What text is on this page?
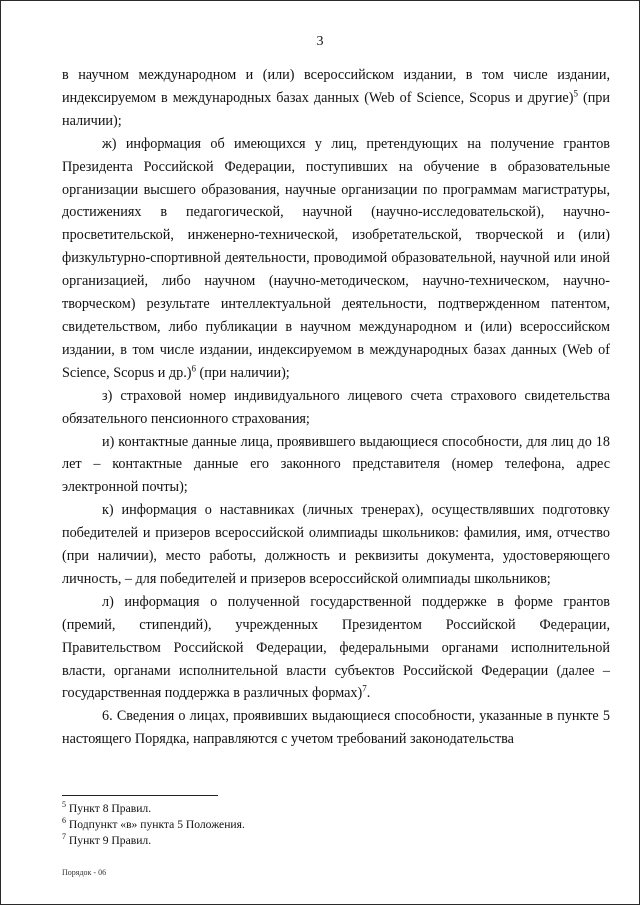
3

в научном международном и (или) всероссийском издании, в том числе издании, индексируемом в международных базах данных (Web of Science, Scopus и другие)$^5$ (при наличии);

ж) информация об имеющихся у лиц, претендующих на получение грантов Президента Российской Федерации, поступивших на обучение в образовательные организации высшего образования, научные организации по программам магистратуры, достижениях в педагогической, научной (научно-исследовательской), научно-просветительской, инженерно-технической, изобретательской, творческой и (или) физкультурно-спортивной деятельности, проводимой образовательной, научной или иной организацией, либо научном (научно-методическом, научно-техническом, научно-творческом) результате интеллектуальной деятельности, подтвержденном патентом, свидетельством, либо публикации в научном международном и (или) всероссийском издании, в том числе издании, индексируемом в международных базах данных (Web of Science, Scopus и др.)$^6$ (при наличии);

з) страховой номер индивидуального лицевого счета страхового свидетельства обязательного пенсионного страхования;

и) контактные данные лица, проявившего выдающиеся способности, для лиц до 18 лет – контактные данные его законного представителя (номер телефона, адрес электронной почты);

к) информация о наставниках (личных тренерах), осуществлявших подготовку победителей и призеров всероссийской олимпиады школьников: фамилия, имя, отчество (при наличии), место работы, должность и реквизиты документа, удостоверяющего личность, – для победителей и призеров всероссийской олимпиады школьников;

л) информация о полученной государственной поддержке в форме грантов (премий, стипендий), учрежденных Президентом Российской Федерации, Правительством Российской Федерации, федеральными органами исполнительной власти, органами исполнительной власти субъектов Российской Федерации (далее – государственная поддержка в различных формах)$^7$.

6. Сведения о лицах, проявивших выдающиеся способности, указанные в пункте 5 настоящего Порядка, направляются с учетом требований законодательства

$^5$ Пункт 8 Правил.
$^6$ Подпункт «в» пункта 5 Положения.
$^7$ Пункт 9 Правил.
Порядок - 06
